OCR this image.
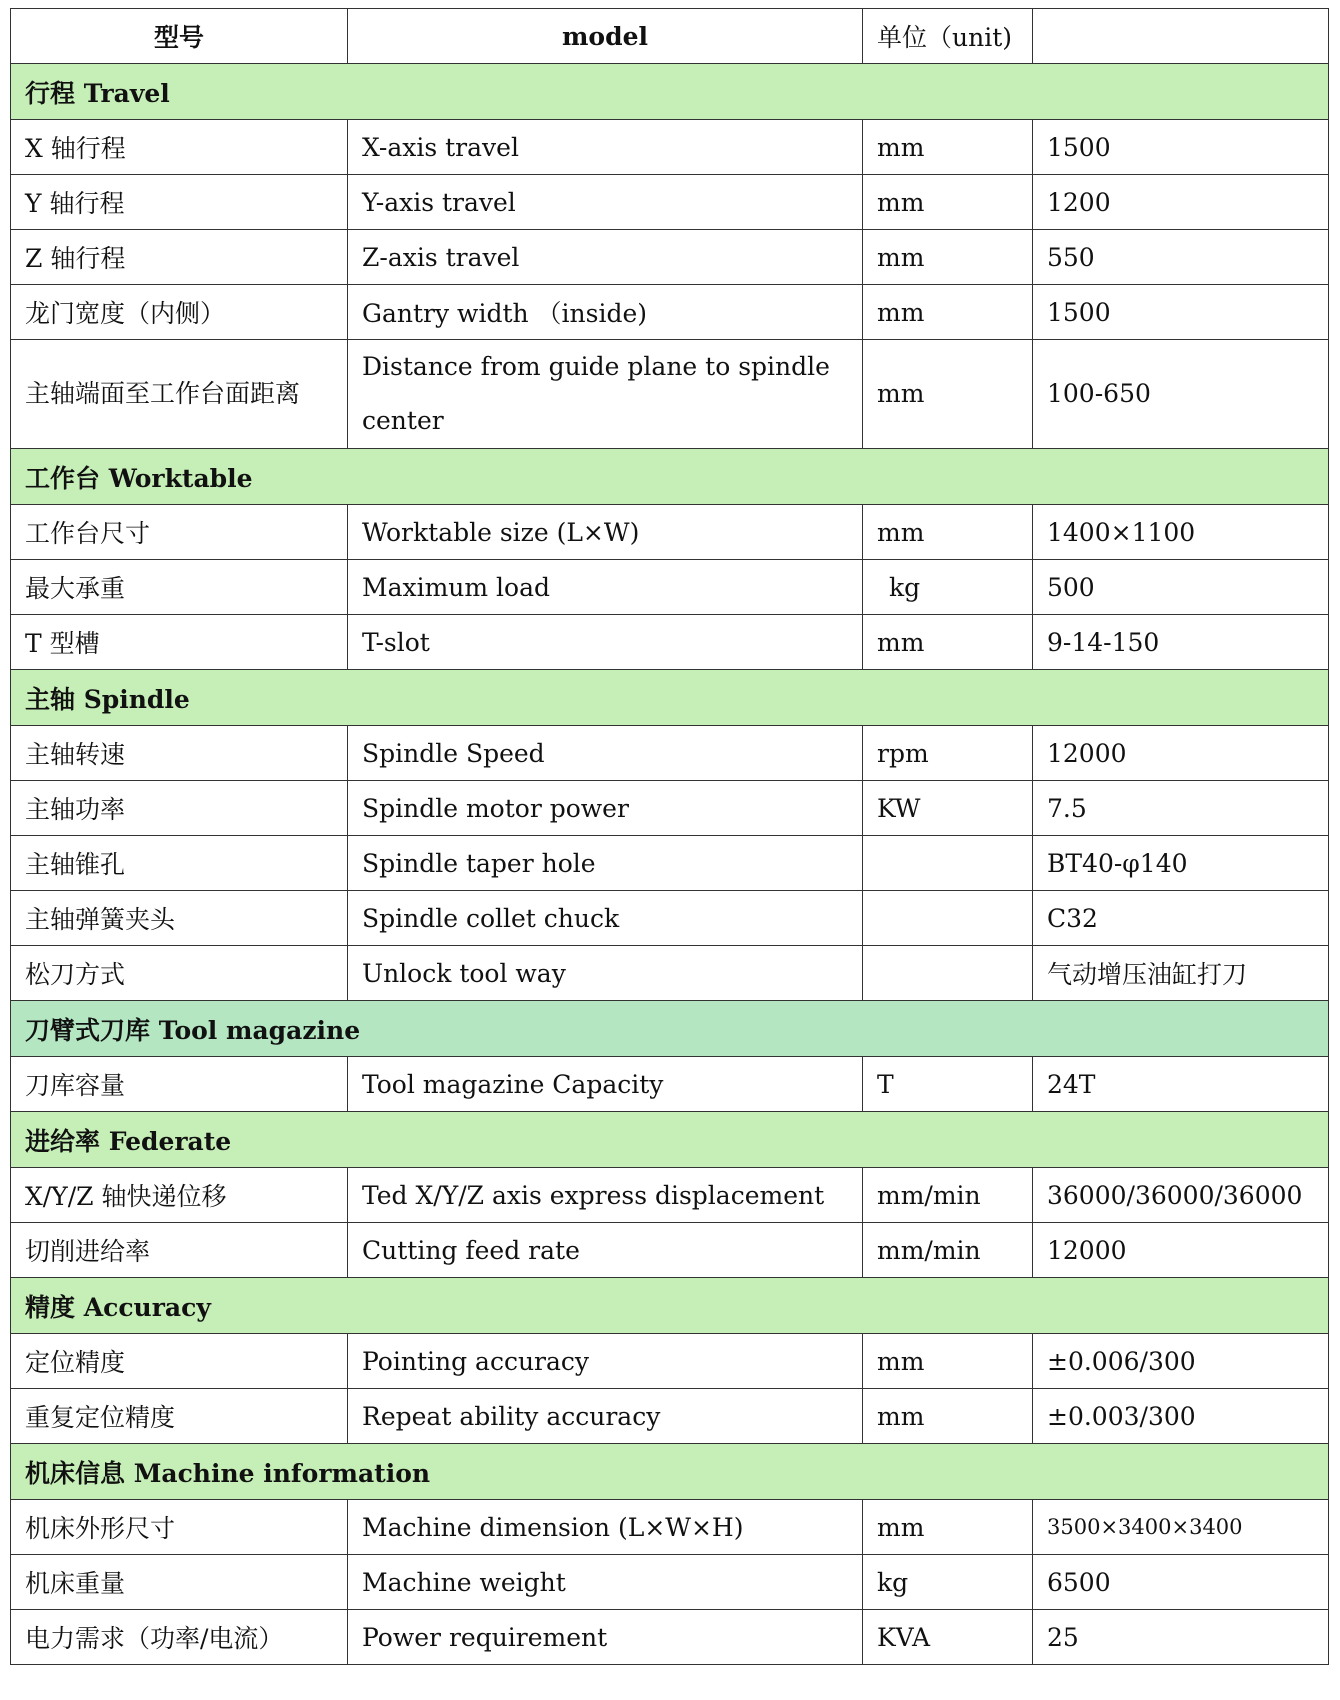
型号	model	单位（unit)	
行程 Travel			
X 轴行程	X-axis travel	mm	1500
Y 轴行程	Y-axis travel	mm	1200
Z 轴行程	Z-axis travel	mm	550
龙门宽度（内侧）	Gantry width （inside)	mm	1500
主轴端面至工作台面距离	Distance from guide plane to spindle center	mm	100-650
工作台 Worktable			
工作台尺寸	Worktable size (L×W)	mm	1400×1100
最大承重	Maximum load	kg	500
T 型槽	T-slot	mm	9-14-150
主轴 Spindle			
主轴转速	Spindle Speed	rpm	12000
主轴功率	Spindle motor power	KW	7.5
主轴锥孔	Spindle taper hole		BT40-φ140
主轴弹簧夹头	Spindle collet chuck		C32
松刀方式	Unlock tool way		气动增压油缸打刀
刀臂式刀库 Tool magazine			
刀库容量	Tool magazine Capacity	T	24T
进给率 Federate			
X/Y/Z 轴快递位移	Ted X/Y/Z axis express displacement	mm/min	36000/36000/36000
切削进给率	Cutting feed rate	mm/min	12000
精度 Accuracy			
定位精度	Pointing accuracy	mm	±0.006/300
重复定位精度	Repeat ability accuracy	mm	±0.003/300
机床信息 Machine information			
机床外形尺寸	Machine dimension (L×W×H)	mm	3500×3400×3400
机床重量	Machine weight	kg	6500
电力需求（功率/电流）	Power requirement	KVA	25
